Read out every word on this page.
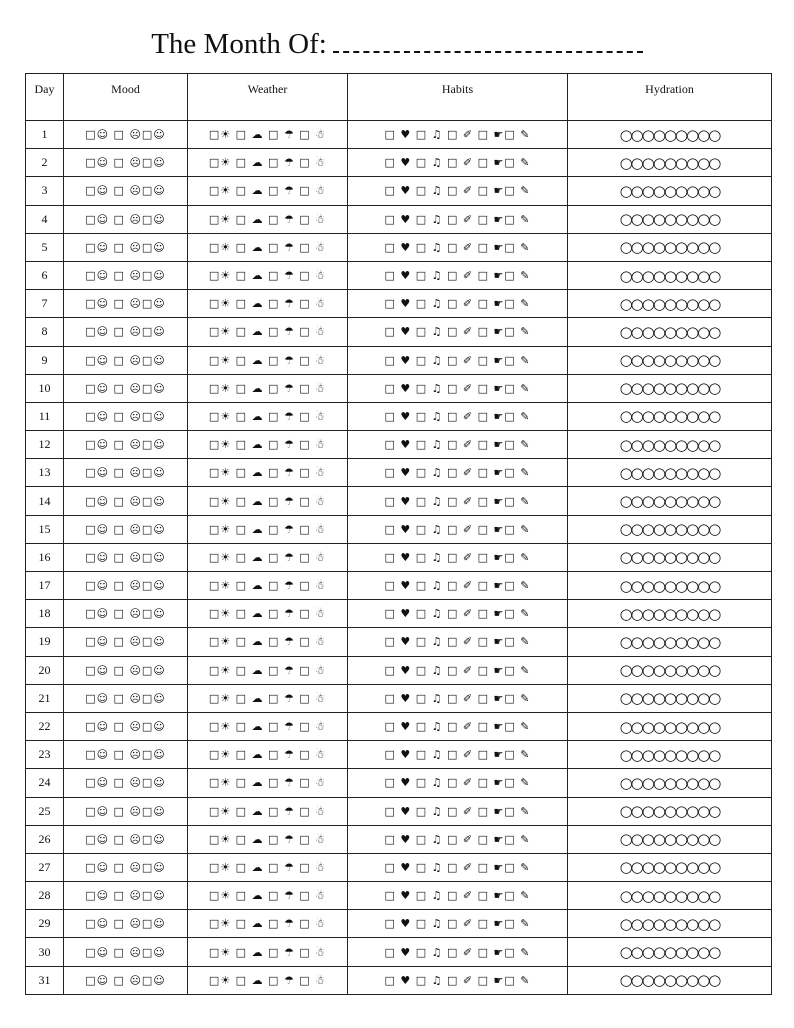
The Month Of:
Day	Mood	Weather	Habits	Hydration
1	□☺ □ ☹□☺	□☀ □ ☁ □ ☂ □ ☃	□ ♥ □ ♫ □ ✐ □ ☛□ ✎	○○○○○○○○○
2	□☺ □ ☹□☺	□☀ □ ☁ □ ☂ □ ☃	□ ♥ □ ♫ □ ✐ □ ☛□ ✎	○○○○○○○○○
3	□☺ □ ☹□☺	□☀ □ ☁ □ ☂ □ ☃	□ ♥ □ ♫ □ ✐ □ ☛□ ✎	○○○○○○○○○
4	□☺ □ ☹□☺	□☀ □ ☁ □ ☂ □ ☃	□ ♥ □ ♫ □ ✐ □ ☛□ ✎	○○○○○○○○○
5	□☺ □ ☹□☺	□☀ □ ☁ □ ☂ □ ☃	□ ♥ □ ♫ □ ✐ □ ☛□ ✎	○○○○○○○○○
6	□☺ □ ☹□☺	□☀ □ ☁ □ ☂ □ ☃	□ ♥ □ ♫ □ ✐ □ ☛□ ✎	○○○○○○○○○
7	□☺ □ ☹□☺	□☀ □ ☁ □ ☂ □ ☃	□ ♥ □ ♫ □ ✐ □ ☛□ ✎	○○○○○○○○○
8	□☺ □ ☹□☺	□☀ □ ☁ □ ☂ □ ☃	□ ♥ □ ♫ □ ✐ □ ☛□ ✎	○○○○○○○○○
9	□☺ □ ☹□☺	□☀ □ ☁ □ ☂ □ ☃	□ ♥ □ ♫ □ ✐ □ ☛□ ✎	○○○○○○○○○
10	□☺ □ ☹□☺	□☀ □ ☁ □ ☂ □ ☃	□ ♥ □ ♫ □ ✐ □ ☛□ ✎	○○○○○○○○○
11	□☺ □ ☹□☺	□☀ □ ☁ □ ☂ □ ☃	□ ♥ □ ♫ □ ✐ □ ☛□ ✎	○○○○○○○○○
12	□☺ □ ☹□☺	□☀ □ ☁ □ ☂ □ ☃	□ ♥ □ ♫ □ ✐ □ ☛□ ✎	○○○○○○○○○
13	□☺ □ ☹□☺	□☀ □ ☁ □ ☂ □ ☃	□ ♥ □ ♫ □ ✐ □ ☛□ ✎	○○○○○○○○○
14	□☺ □ ☹□☺	□☀ □ ☁ □ ☂ □ ☃	□ ♥ □ ♫ □ ✐ □ ☛□ ✎	○○○○○○○○○
15	□☺ □ ☹□☺	□☀ □ ☁ □ ☂ □ ☃	□ ♥ □ ♫ □ ✐ □ ☛□ ✎	○○○○○○○○○
16	□☺ □ ☹□☺	□☀ □ ☁ □ ☂ □ ☃	□ ♥ □ ♫ □ ✐ □ ☛□ ✎	○○○○○○○○○
17	□☺ □ ☹□☺	□☀ □ ☁ □ ☂ □ ☃	□ ♥ □ ♫ □ ✐ □ ☛□ ✎	○○○○○○○○○
18	□☺ □ ☹□☺	□☀ □ ☁ □ ☂ □ ☃	□ ♥ □ ♫ □ ✐ □ ☛□ ✎	○○○○○○○○○
19	□☺ □ ☹□☺	□☀ □ ☁ □ ☂ □ ☃	□ ♥ □ ♫ □ ✐ □ ☛□ ✎	○○○○○○○○○
20	□☺ □ ☹□☺	□☀ □ ☁ □ ☂ □ ☃	□ ♥ □ ♫ □ ✐ □ ☛□ ✎	○○○○○○○○○
21	□☺ □ ☹□☺	□☀ □ ☁ □ ☂ □ ☃	□ ♥ □ ♫ □ ✐ □ ☛□ ✎	○○○○○○○○○
22	□☺ □ ☹□☺	□☀ □ ☁ □ ☂ □ ☃	□ ♥ □ ♫ □ ✐ □ ☛□ ✎	○○○○○○○○○
23	□☺ □ ☹□☺	□☀ □ ☁ □ ☂ □ ☃	□ ♥ □ ♫ □ ✐ □ ☛□ ✎	○○○○○○○○○
24	□☺ □ ☹□☺	□☀ □ ☁ □ ☂ □ ☃	□ ♥ □ ♫ □ ✐ □ ☛□ ✎	○○○○○○○○○
25	□☺ □ ☹□☺	□☀ □ ☁ □ ☂ □ ☃	□ ♥ □ ♫ □ ✐ □ ☛□ ✎	○○○○○○○○○
26	□☺ □ ☹□☺	□☀ □ ☁ □ ☂ □ ☃	□ ♥ □ ♫ □ ✐ □ ☛□ ✎	○○○○○○○○○
27	□☺ □ ☹□☺	□☀ □ ☁ □ ☂ □ ☃	□ ♥ □ ♫ □ ✐ □ ☛□ ✎	○○○○○○○○○
28	□☺ □ ☹□☺	□☀ □ ☁ □ ☂ □ ☃	□ ♥ □ ♫ □ ✐ □ ☛□ ✎	○○○○○○○○○
29	□☺ □ ☹□☺	□☀ □ ☁ □ ☂ □ ☃	□ ♥ □ ♫ □ ✐ □ ☛□ ✎	○○○○○○○○○
30	□☺ □ ☹□☺	□☀ □ ☁ □ ☂ □ ☃	□ ♥ □ ♫ □ ✐ □ ☛□ ✎	○○○○○○○○○
31	□☺ □ ☹□☺	□☀ □ ☁ □ ☂ □ ☃	□ ♥ □ ♫ □ ✐ □ ☛□ ✎	○○○○○○○○○
